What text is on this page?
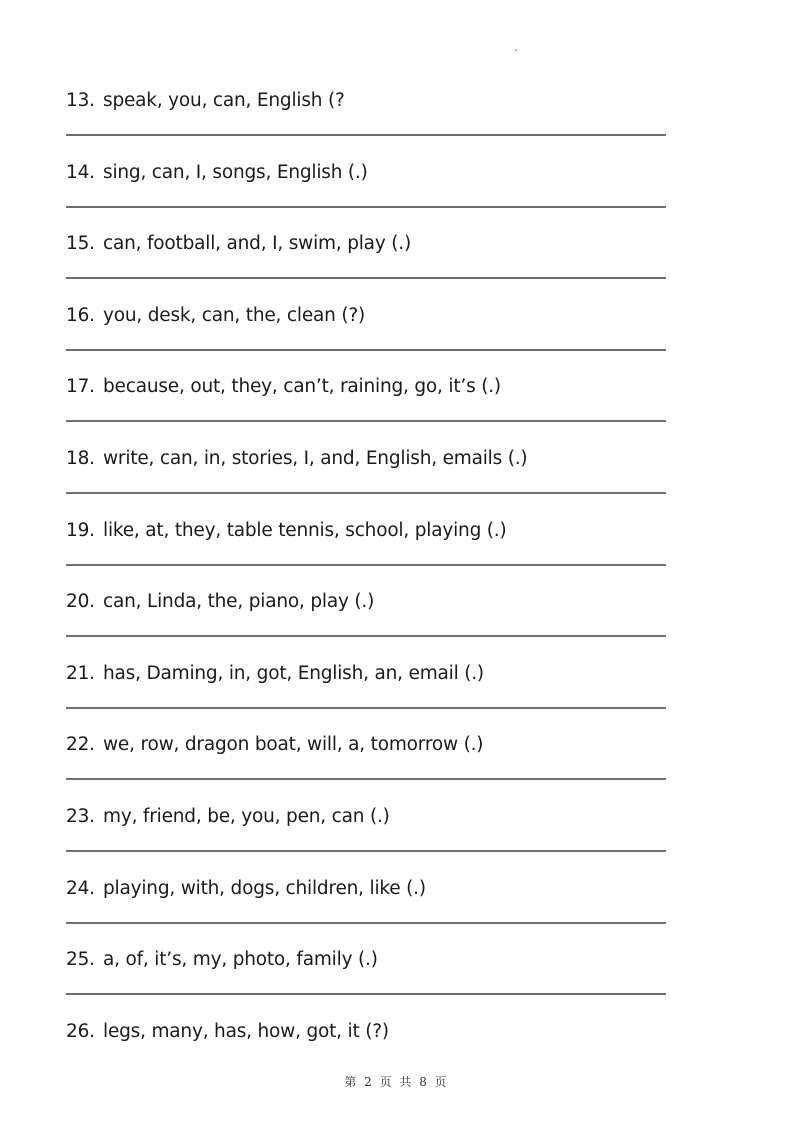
13. speak, you, can, English (?
14. sing, can, I, songs, English (.)
15. can, football, and, I, swim, play (.)
16. you, desk, can, the, clean (?)
17. because, out, they, can’t, raining, go, it’s (.)
18. write, can, in, stories, I, and, English, emails (.)
19. like, at, they, table tennis, school, playing (.)
20. can, Linda, the, piano, play (.)
21. has, Daming, in, got, English, an, email (.)
22. we, row, dragon boat, will, a, tomorrow (.)
23. my, friend, be, you, pen, can (.)
24. playing, with, dogs, children, like (.)
25. a, of, it’s, my, photo, family (.)
26. legs, many, has, how, got, it (?)
第 2 页 共 8 页
